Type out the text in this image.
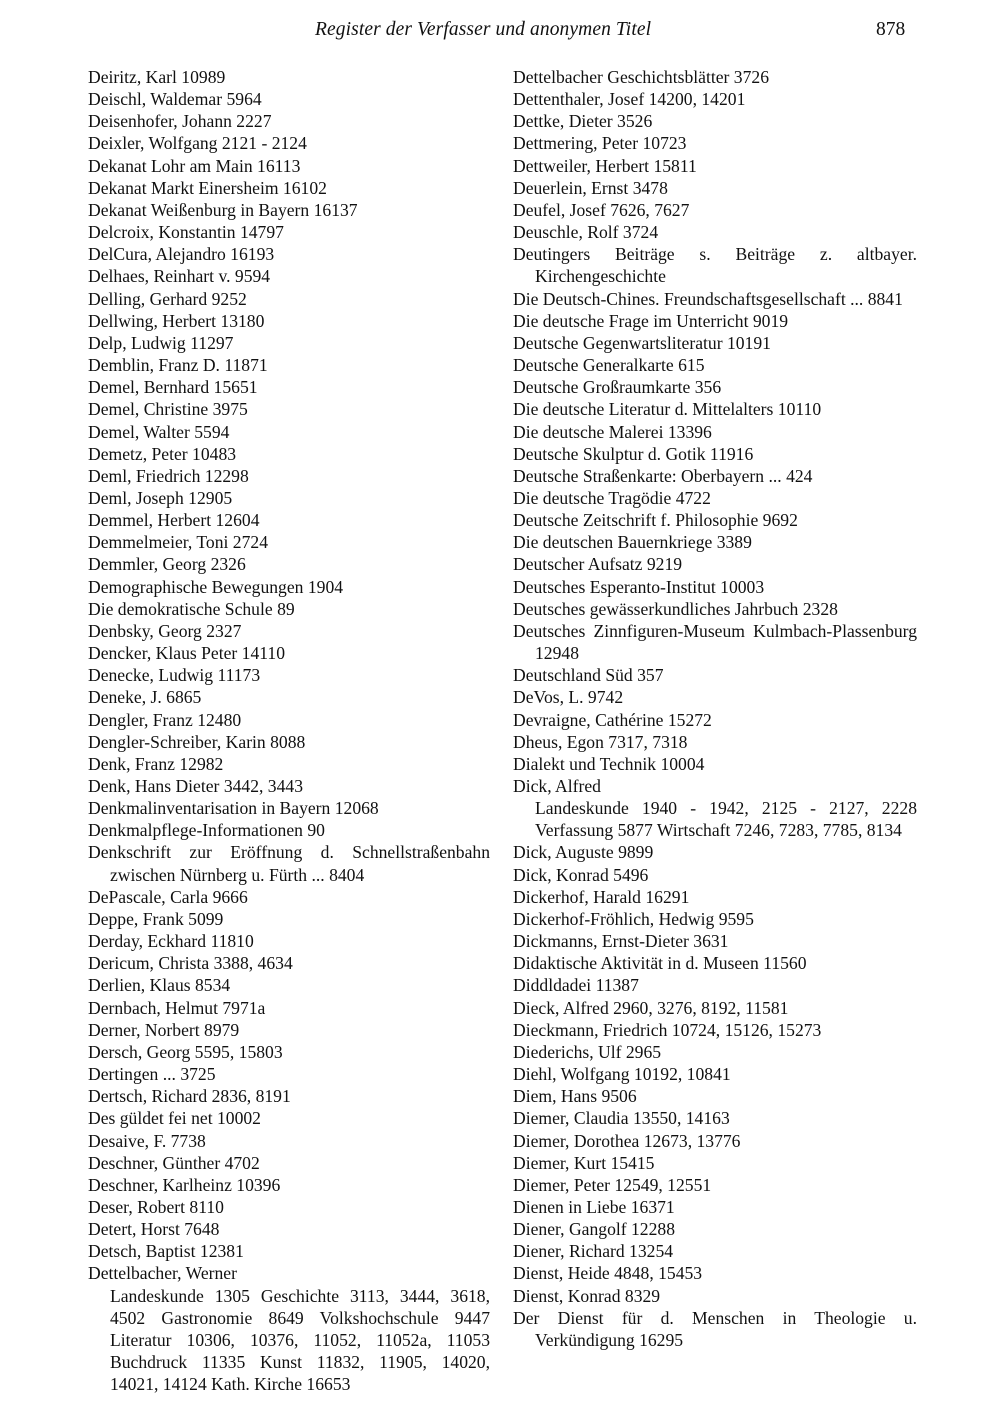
Register der Verfasser und anonymen Titel	878
Deiritz, Karl 10989
Deischl, Waldemar 5964
Deisenhofer, Johann 2227
Deixler, Wolfgang 2121 - 2124
Dekanat Lohr am Main 16113
Dekanat Markt Einersheim 16102
Dekanat Weißenburg in Bayern 16137
Delcroix, Konstantin 14797
DelCura, Alejandro 16193
Delhaes, Reinhart v. 9594
Delling, Gerhard 9252
Dellwing, Herbert 13180
Delp, Ludwig 11297
Demblin, Franz D. 11871
Demel, Bernhard 15651
Demel, Christine 3975
Demel, Walter 5594
Demetz, Peter 10483
Deml, Friedrich 12298
Deml, Joseph 12905
Demmel, Herbert 12604
Demmelmeier, Toni 2724
Demmler, Georg 2326
Demographische Bewegungen 1904
Die demokratische Schule 89
Denbsky, Georg 2327
Dencker, Klaus Peter 14110
Denecke, Ludwig 11173
Deneke, J. 6865
Dengler, Franz 12480
Dengler-Schreiber, Karin 8088
Denk, Franz 12982
Denk, Hans Dieter 3442, 3443
Denkmalinventarisation in Bayern 12068
Denkmalpflege-Informationen 90
Denkschrift zur Eröffnung d. Schnellstraßenbahn zwischen Nürnberg u. Fürth ... 8404
DePascale, Carla 9666
Deppe, Frank 5099
Derday, Eckhard 11810
Dericum, Christa 3388, 4634
Derlien, Klaus 8534
Dernbach, Helmut 7971a
Derner, Norbert 8979
Dersch, Georg 5595, 15803
Dertingen ... 3725
Dertsch, Richard 2836, 8191
Des güldet fei net 10002
Desaive, F. 7738
Deschner, Günther 4702
Deschner, Karlheinz 10396
Deser, Robert 8110
Detert, Horst 7648
Detsch, Baptist 12381
Dettelbacher, Werner
Landeskunde 1305 Geschichte 3113, 3444, 3618, 4502 Gastronomie 8649 Volkshochschule 9447 Literatur 10306, 10376, 11052, 11052a, 11053 Buchdruck 11335 Kunst 11832, 11905, 14020, 14021, 14124 Kath. Kirche 16653
Dettelbacher Geschichtsblätter 3726
Dettenthaler, Josef 14200, 14201
Dettke, Dieter 3526
Dettmering, Peter 10723
Dettweiler, Herbert 15811
Deuerlein, Ernst 3478
Deufel, Josef 7626, 7627
Deuschle, Rolf 3724
Deutingers Beiträge s. Beiträge z. altbayer. Kirchengeschichte
Die Deutsch-Chines. Freundschaftsgesellschaft ... 8841
Die deutsche Frage im Unterricht 9019
Deutsche Gegenwartsliteratur 10191
Deutsche Generalkarte 615
Deutsche Großraumkarte 356
Die deutsche Literatur d. Mittelalters 10110
Die deutsche Malerei 13396
Deutsche Skulptur d. Gotik 11916
Deutsche Straßenkarte: Oberbayern ... 424
Die deutsche Tragödie 4722
Deutsche Zeitschrift f. Philosophie 9692
Die deutschen Bauernkriege 3389
Deutscher Aufsatz 9219
Deutsches Esperanto-Institut 10003
Deutsches gewässerkundliches Jahrbuch 2328
Deutsches Zinnfiguren-Museum Kulmbach-Plassenburg 12948
Deutschland Süd 357
DeVos, L. 9742
Devraigne, Cathérine 15272
Dheus, Egon 7317, 7318
Dialekt und Technik 10004
Dick, Alfred
Landeskunde 1940 - 1942, 2125 - 2127, 2228 Verfassung 5877 Wirtschaft 7246, 7283, 7785, 8134
Dick, Auguste 9899
Dick, Konrad 5496
Dickerhof, Harald 16291
Dickerhof-Fröhlich, Hedwig 9595
Dickmanns, Ernst-Dieter 3631
Didaktische Aktivität in d. Museen 11560
Diddldadei 11387
Dieck, Alfred 2960, 3276, 8192, 11581
Dieckmann, Friedrich 10724, 15126, 15273
Diederichs, Ulf 2965
Diehl, Wolfgang 10192, 10841
Diem, Hans 9506
Diemer, Claudia 13550, 14163
Diemer, Dorothea 12673, 13776
Diemer, Kurt 15415
Diemer, Peter 12549, 12551
Dienen in Liebe 16371
Diener, Gangolf 12288
Diener, Richard 13254
Dienst, Heide 4848, 15453
Dienst, Konrad 8329
Der Dienst für d. Menschen in Theologie u. Verkündigung 16295
